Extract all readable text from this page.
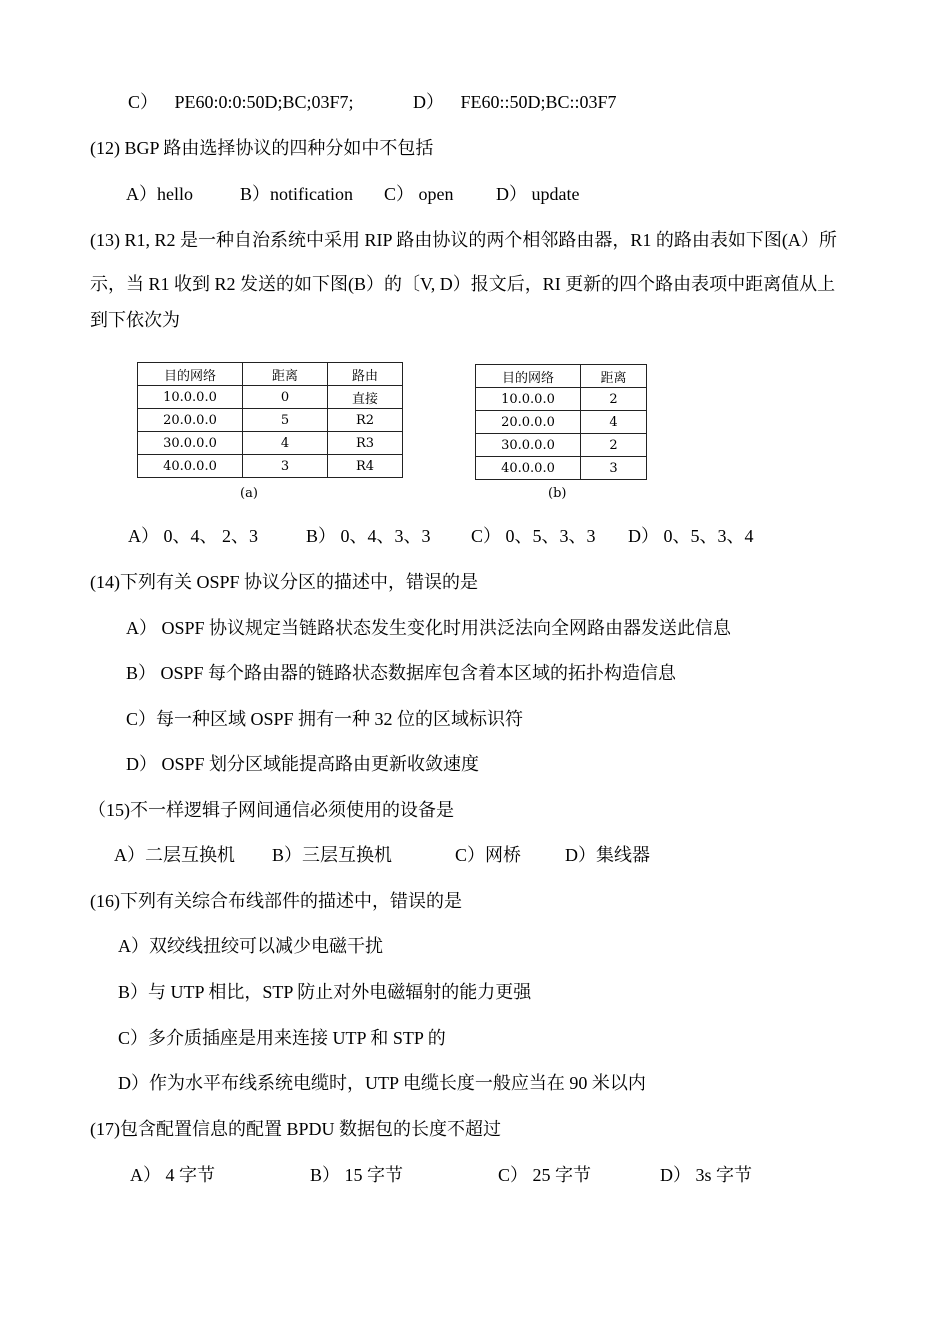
C） PE60:0:0:50D;BC;03F7;	D） FE60::50D;BC::03F7
(12) BGP 路由选择协议的四种分如中不包括
A）hello	B）notification C） open D） update
(13) R1, R2 是一种自治系统中采用 RIP 路由协议的两个相邻路由器，R1 的路由表如下图(A）所
示，当 R1 收到 R2 发送的如下图(B）的〔V, D）报文后，RI 更新的四个路由表项中距离值从上
到下依次为
目的网络	距离	路由
10.0.0.0	0	直接
20.0.0.0	5	R2
30.0.0.0	4	R3
40.0.0.0	3	R4
(a)
目的网络	距离
10.0.0.0	2
20.0.0.0	4
30.0.0.0	2
40.0.0.0	3
(b)
A） 0、4、 2、3	B） 0、4、3、3 C） 0、5、3、3 D） 0、5、3、4
(14)下列有关 OSPF 协议分区的描述中，错误的是
A） OSPF 协议规定当链路状态发生变化时用洪泛法向全网路由器发送此信息
B） OSPF 每个路由器的链路状态数据库包含着本区域的拓扑构造信息
C）每一种区域 OSPF 拥有一种 32 位的区域标识符
D） OSPF 划分区域能提高路由更新收敛速度
（15)不一样逻辑子网间通信必须使用的设备是
A）二层互换机 B）三层互换机	C）网桥 D）集线器
(16)下列有关综合布线部件的描述中，错误的是
A）双绞线扭绞可以减少电磁干扰
B）与 UTP 相比，STP 防止对外电磁辐射的能力更强
C）多介质插座是用来连接 UTP 和 STP 的
D）作为水平布线系统电缆时，UTP 电缆长度一般应当在 90 米以内
(17)包含配置信息的配置 BPDU 数据包的长度不超过
A） 4 字节	B） 15 字节	C） 25 字节	D） 3s 字节
